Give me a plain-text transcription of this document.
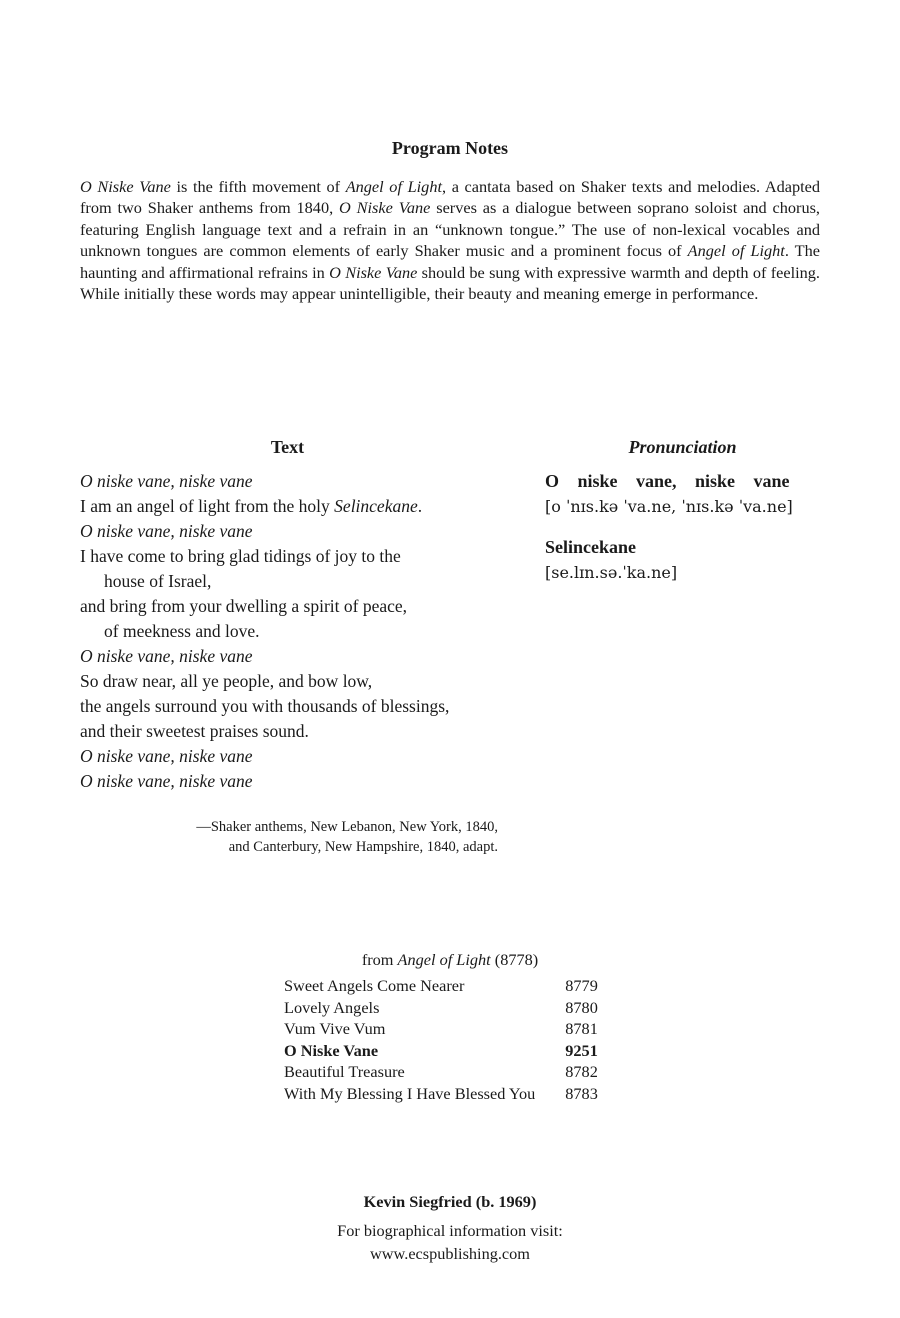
Program Notes

O Niske Vane is the fifth movement of Angel of Light, a cantata based on Shaker texts and melodies. Adapted from two Shaker anthems from 1840, O Niske Vane serves as a dialogue between soprano soloist and chorus, featuring English language text and a refrain in an “unknown tongue.” The use of non-lexical vocables and unknown tongues are common elements of early Shaker music and a prominent focus of Angel of Light. The haunting and affirmational refrains in O Niske Vane should be sung with expressive warmth and depth of feeling. While initially these words may appear unintelligible, their beauty and meaning emerge in performance.

Text	Pronunciation
O niske vane, niske vane
I am an angel of light from the holy Selincekane.
O niske vane, niske vane
I have come to bring glad tidings of joy to the
house of Israel,
and bring from your dwelling a spirit of peace,
of meekness and love.
O niske vane, niske vane
So draw near, all ye people, and bow low,
the angels surround you with thousands of blessings,
and their sweetest praises sound.
O niske vane, niske vane
O niske vane, niske vane
—Shaker anthems, New Lebanon, New York, 1840,
and Canterbury, New Hampshire, 1840, adapt.
O niske vane, niske vane
[o ˈnɪs.kə ˈva.ne, ˈnɪs.kə ˈva.ne]
Selincekane
[se.lɪn.sə.ˈka.ne]
from Angel of Light (8778)
Sweet Angels Come Nearer	8779
Lovely Angels	8780
Vum Vive Vum	8781
O Niske Vane	9251
Beautiful Treasure	8782
With My Blessing I Have Blessed You	8783
Kevin Siegfried (b. 1969)
For biographical information visit:
www.ecspublishing.com
